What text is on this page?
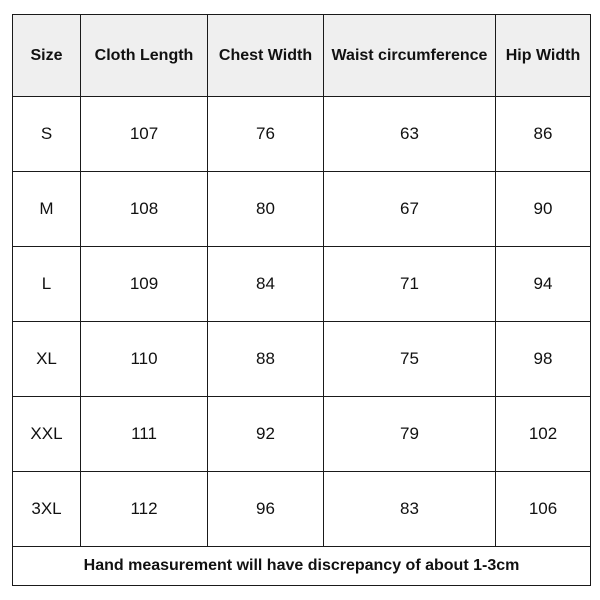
Size	Cloth Length	Chest Width	Waist circumference	Hip Width
S	107	76	63	86
M	108	80	67	90
L	109	84	71	94
XL	110	88	75	98
XXL	111	92	79	102
3XL	112	96	83	106
Hand measurement will have discrepancy of about 1-3cm				
